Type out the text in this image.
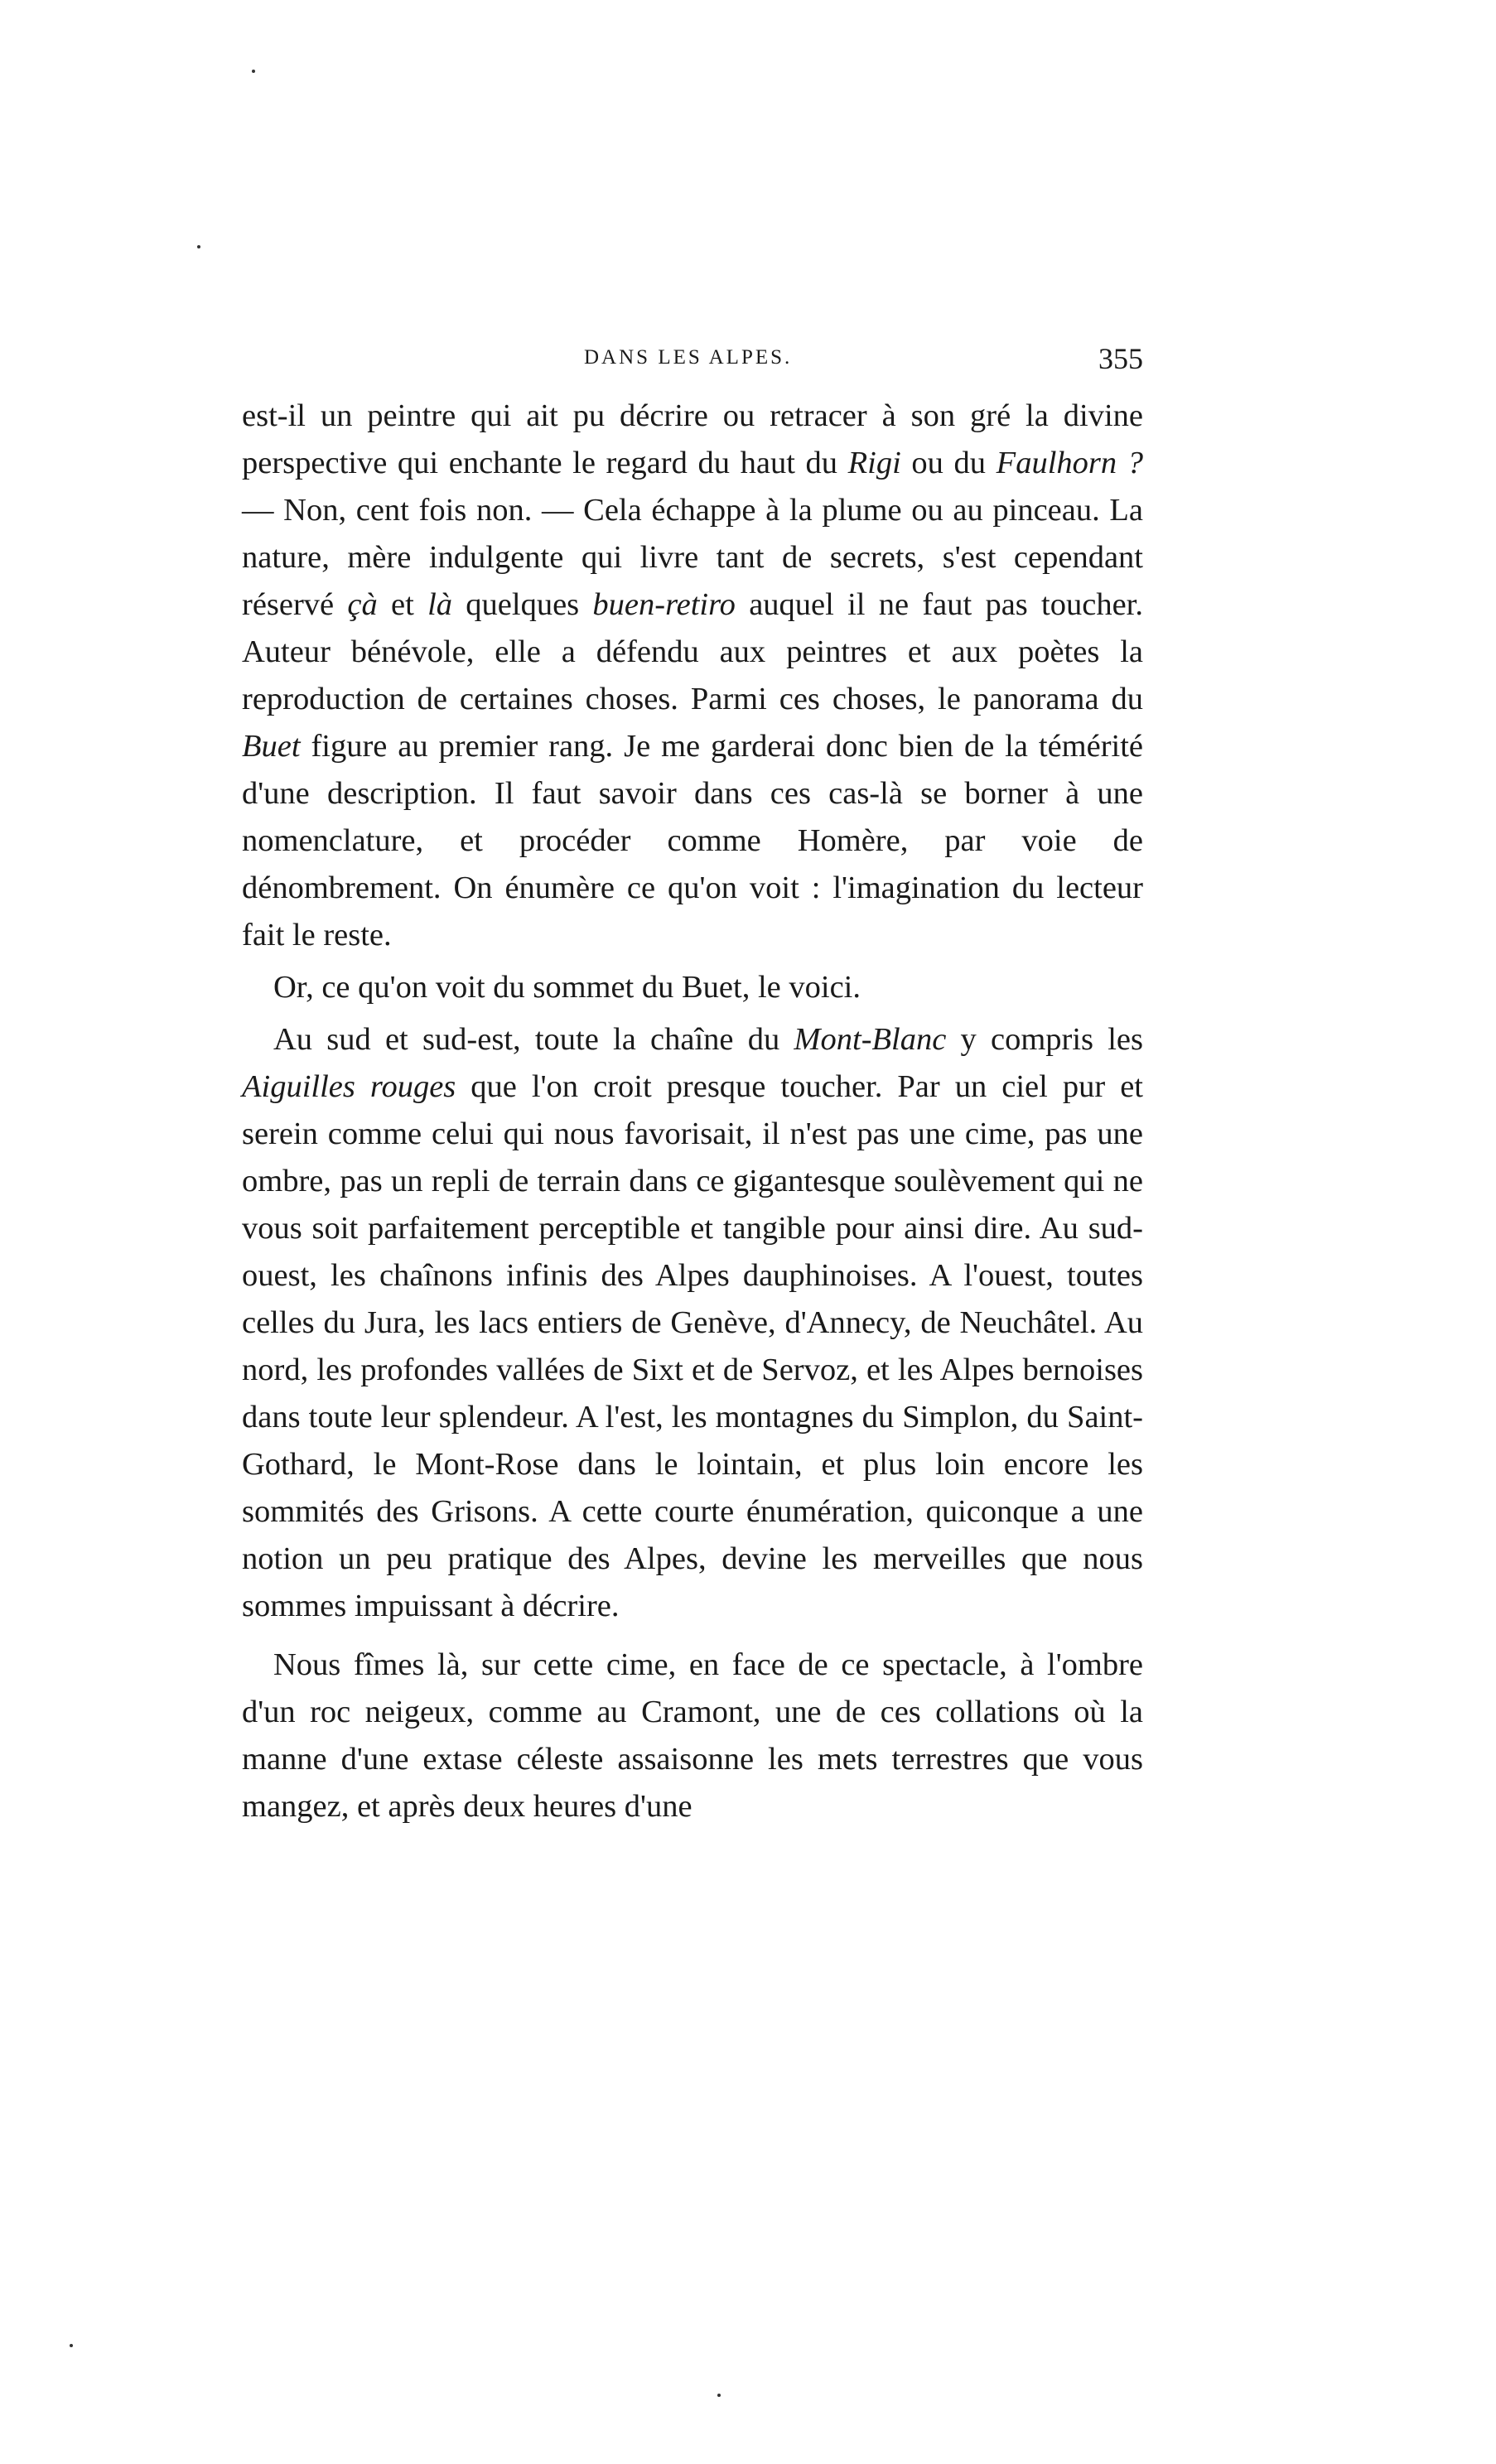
DANS LES ALPES.	355

est-il un peintre qui ait pu décrire ou retracer à son gré la divine perspective qui enchante le regard du haut du Rigi ou du Faulhorn ? — Non, cent fois non. — Cela échappe à la plume ou au pinceau. La nature, mère indulgente qui livre tant de secrets, s'est cependant réservé çà et là quelques buen-retiro auquel il ne faut pas toucher. Auteur bénévole, elle a défendu aux peintres et aux poètes la reproduction de certaines choses. Parmi ces choses, le panorama du Buet figure au premier rang. Je me garderai donc bien de la témérité d'une description. Il faut savoir dans ces cas-là se borner à une nomenclature, et procéder comme Homère, par voie de dénombrement. On énumère ce qu'on voit : l'imagination du lecteur fait le reste.

Or, ce qu'on voit du sommet du Buet, le voici.

Au sud et sud-est, toute la chaîne du Mont-Blanc y compris les Aiguilles rouges que l'on croit presque toucher. Par un ciel pur et serein comme celui qui nous favorisait, il n'est pas une cime, pas une ombre, pas un repli de terrain dans ce gigantesque soulèvement qui ne vous soit parfaitement perceptible et tangible pour ainsi dire. Au sud-ouest, les chaînons infinis des Alpes dauphinoises. A l'ouest, toutes celles du Jura, les lacs entiers de Genève, d'Annecy, de Neuchâtel. Au nord, les profondes vallées de Sixt et de Servoz, et les Alpes bernoises dans toute leur splendeur. A l'est, les montagnes du Simplon, du Saint-Gothard, le Mont-Rose dans le lointain, et plus loin encore les sommités des Grisons. A cette courte énumération, quiconque a une notion un peu pratique des Alpes, devine les merveilles que nous sommes impuissant à décrire.

Nous fîmes là, sur cette cime, en face de ce spectacle, à l'ombre d'un roc neigeux, comme au Cramont, une de ces collations où la manne d'une extase céleste assaisonne les mets terrestres que vous mangez, et après deux heures d'une
